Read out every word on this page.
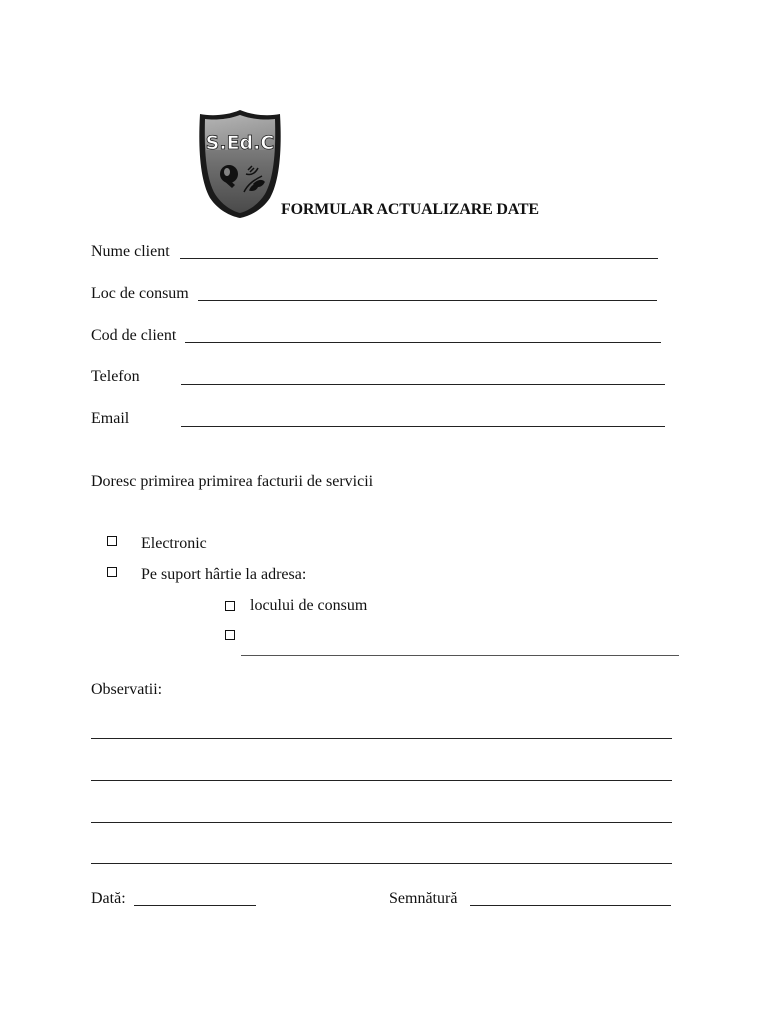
S.Ed.C
FORMULAR ACTUALIZARE DATE
Nume client
Loc de consum
Cod de client
Telefon
Email
Doresc primirea primirea facturii de servicii
Electronic
Pe suport hârtie la adresa:
locului de consum
Observatii:
Dată:	Semnătură
